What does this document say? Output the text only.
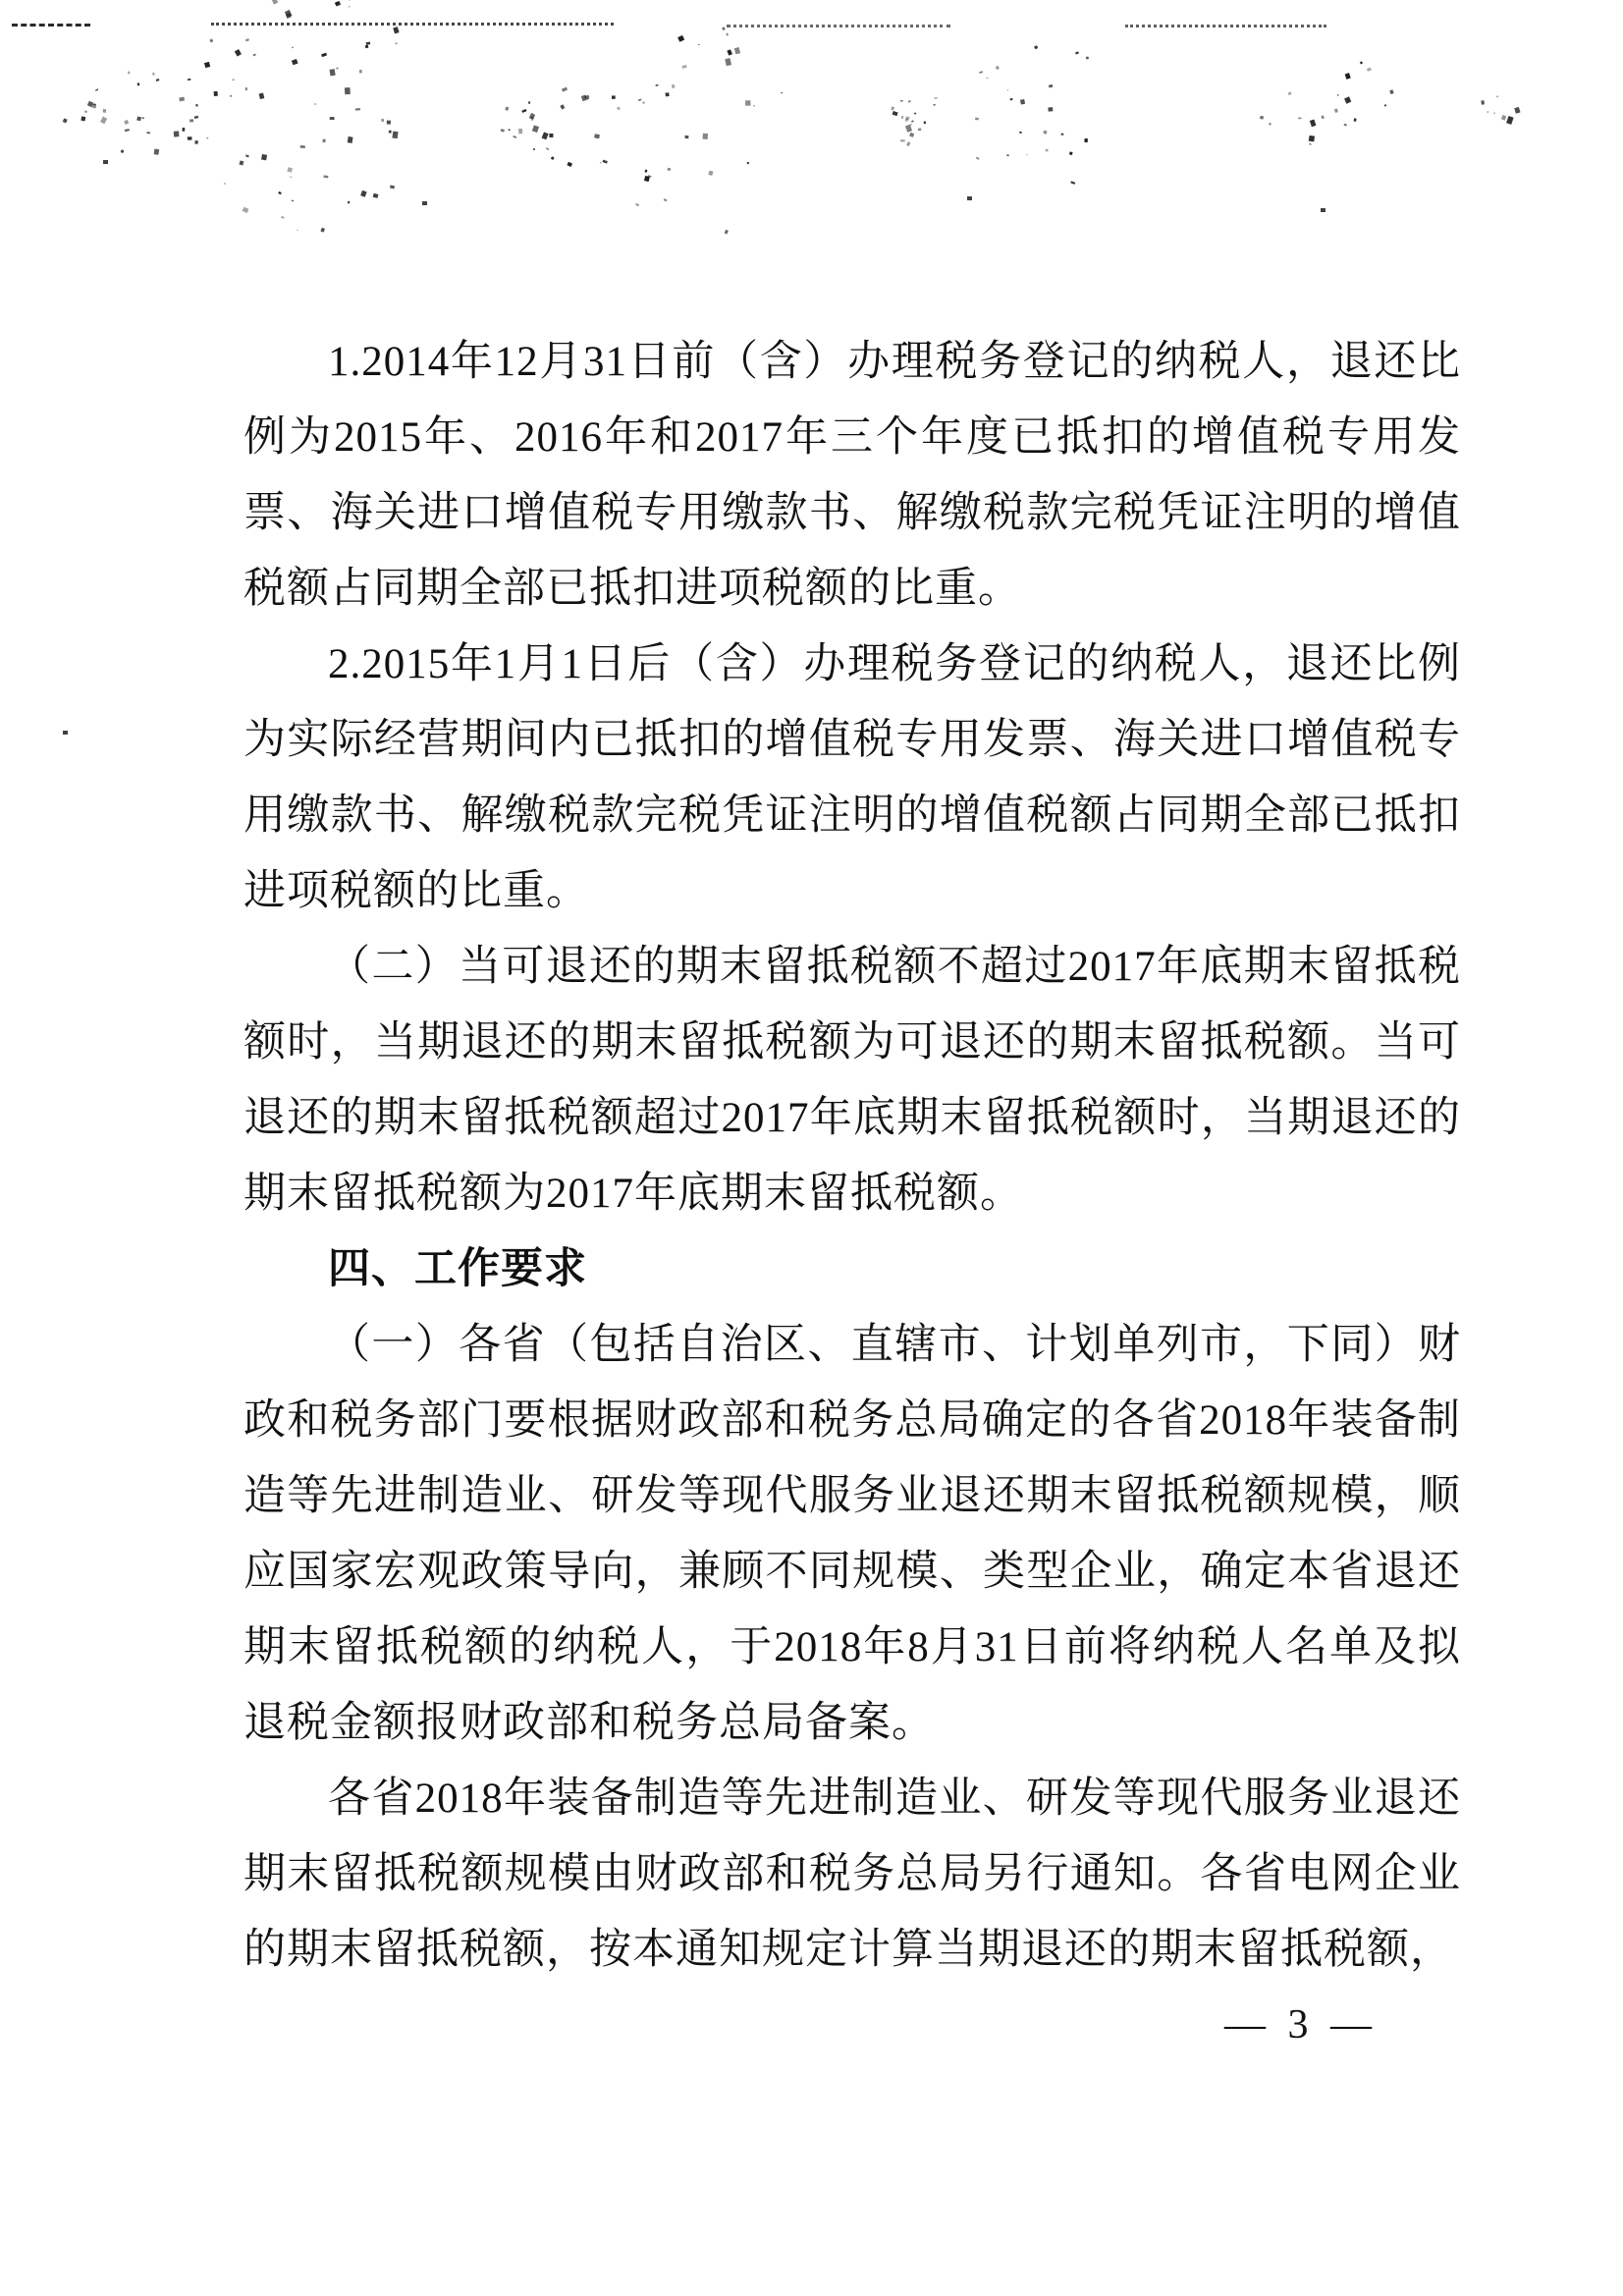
1.2014年12月31日前（含）办理税务登记的纳税人，退还比例为2015年、2016年和2017年三个年度已抵扣的增值税专用发票、海关进口增值税专用缴款书、解缴税款完税凭证注明的增值税额占同期全部已抵扣进项税额的比重。

2.2015年1月1日后（含）办理税务登记的纳税人，退还比例为实际经营期间内已抵扣的增值税专用发票、海关进口增值税专用缴款书、解缴税款完税凭证注明的增值税额占同期全部已抵扣进项税额的比重。

（二）当可退还的期末留抵税额不超过2017年底期末留抵税额时，当期退还的期末留抵税额为可退还的期末留抵税额。当可退还的期末留抵税额超过2017年底期末留抵税额时，当期退还的期末留抵税额为2017年底期末留抵税额。

四、工作要求

（一）各省（包括自治区、直辖市、计划单列市，下同）财政和税务部门要根据财政部和税务总局确定的各省2018年装备制造等先进制造业、研发等现代服务业退还期末留抵税额规模，顺应国家宏观政策导向，兼顾不同规模、类型企业，确定本省退还期末留抵税额的纳税人，于2018年8月31日前将纳税人名单及拟退税金额报财政部和税务总局备案。

各省2018年装备制造等先进制造业、研发等现代服务业退还期末留抵税额规模由财政部和税务总局另行通知。各省电网企业的期末留抵税额，按本通知规定计算当期退还的期末留抵税额，

— 3 —
